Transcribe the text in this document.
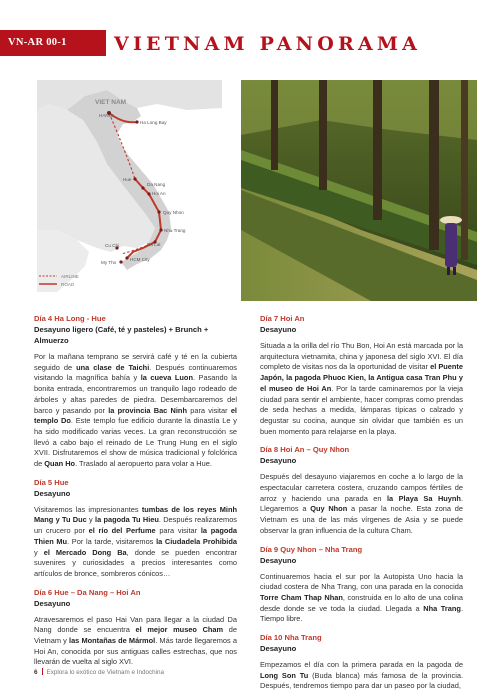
VN-AR 00-1	VIETNAM PANORAMA
VIET NAM
HANOI
Ha Long Bay
Hue
Da Nang
Hoi An
Quy Nhon
Nha Trang
Da Lat
Cu Chi
My Tho
HCM City
AIRLINE
ROAD
Día 4 Ha Long - Hue
Desayuno ligero (Café, té y pasteles) + Brunch + Almuerzo
Por la mañana temprano se servirá café y té en la cubierta seguido de una clase de Taichi. Después continuaremos visitando la magnífica bahía y la cueva Luon. Pasando la bonita entrada, encontraremos un tranquilo lago rodeado de árboles y altas paredes de piedra. Desembarcaremos del barco y pasando por la provincia Bac Ninh para visitar el templo Do. Este templo fue edificio durante la dinastía Le y ha sido modificado varias veces. La gran reconstrucción se llevó a cabo bajo el reinado de Le Trung Hung en el siglo XVII. Disfrutaremos el show de música tradicional y folclórica de Quan Ho. Traslado al aeropuerto para volar a Hue.
Día 5 Hue
Desayuno
Visitaremos las impresionantes tumbas de los reyes Minh Mang y Tu Duc y la pagoda Tu Hieu. Después realizaremos un crucero por el río del Perfume para visitar la pagoda Thien Mu. Por la tarde, visitaremos la Ciudadela Prohibida y el Mercado Dong Ba, donde se pueden encontrar suvenires y curiosidades a precios interesantes como artículos de bronce, sombreros cónicos…
Día 6 Hue – Da Nang – Hoi An
Desayuno
Atravesaremos el paso Hai Van para llegar a la ciudad Da Nang donde se encuentra el mejor museo Cham de Vietnam y las Montañas de Mármol. Más tarde llegaremos a Hoi An, conocida por sus antiguas calles estrechas, que nos llevarán de vuelta al siglo XVI.
Día 7 Hoi An
Desayuno
Situada a la orilla del río Thu Bon, Hoi An está marcada por la arquitectura vietnamita, china y japonesa del siglo XVI. El día completo de visitas nos da la oportunidad de visitar el Puente Japón, la pagoda Phuoc Kien, la Antigua casa Tran Phu y el museo de Hoi An. Por la tarde caminaremos por la vieja ciudad para sentir el ambiente, hacer compras como prendas de seda hechas a medida, lámparas típicas o calzado y degustar su cocina, aunque sin olvidar que también es un buen momento para relajarse en la playa.
Día 8 Hoi An – Quy Nhon
Desayuno
Después del desayuno viajaremos en coche a lo largo de la espectacular carretera costera, cruzando campos fértiles de arroz y haciendo una parada en la Playa Sa Huynh. Llegaremos a Quy Nhon a pasar la noche. Esta zona de Vietnam es una de las más vírgenes de Asia y se puede observar la gran influencia de la cultura Cham.
Día 9 Quy Nhon – Nha Trang
Desayuno
Continuaremos hacia el sur por la Autopista Uno hacia la ciudad costera de Nha Trang, con una parada en la conocida Torre Cham Thap Nhan, construida en lo alto de una colina desde donde se ve toda la ciudad. Llegada a Nha Trang. Tiempo libre.
Día 10 Nha Trang
Desayuno
Empezamos el día con la primera parada en la pagoda de Long Son Tu (Buda blanca) más famosa de la provincia. Después, tendremos tiempo para dar un paseo por la ciudad,
6 Explora lo exótico de Vietnam e Indochina
